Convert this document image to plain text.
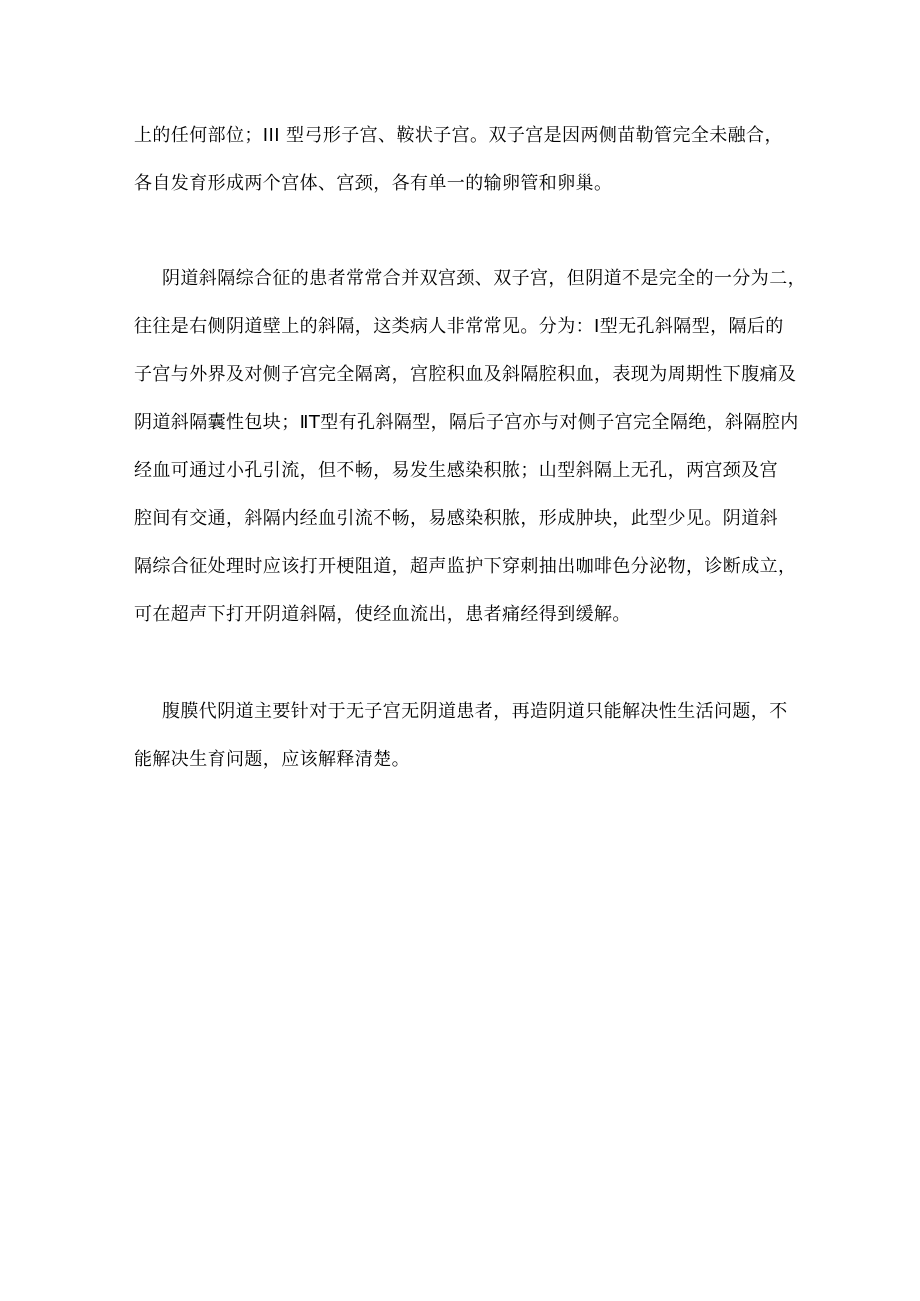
上的任何部位；III 型弓形子宫、鞍状子宫。双子宫是因两侧苗勒管完全未融合，
各自发育形成两个宫体、宫颈，各有单一的输卵管和卵巢。
阴道斜隔综合征的患者常常合并双宫颈、双子宫，但阴道不是完全的一分为二，
往往是右侧阴道壁上的斜隔，这类病人非常常见。分为：Ⅰ型无孔斜隔型，隔后的
子宫与外界及对侧子宫完全隔离，宫腔积血及斜隔腔积血，表现为周期性下腹痛及
阴道斜隔囊性包块；ⅡT型有孔斜隔型，隔后子宫亦与对侧子宫完全隔绝，斜隔腔内
经血可通过小孔引流，但不畅，易发生感染积脓；山型斜隔上无孔，两宫颈及宫
腔间有交通，斜隔内经血引流不畅，易感染积脓，形成肿块，此型少见。阴道斜
隔综合征处理时应该打开梗阻道，超声监护下穿刺抽出咖啡色分泌物，诊断成立，
可在超声下打开阴道斜隔，使经血流出，患者痛经得到缓解。
腹膜代阴道主要针对于无子宫无阴道患者，再造阴道只能解决性生活问题，不
能解决生育问题，应该解释清楚。
